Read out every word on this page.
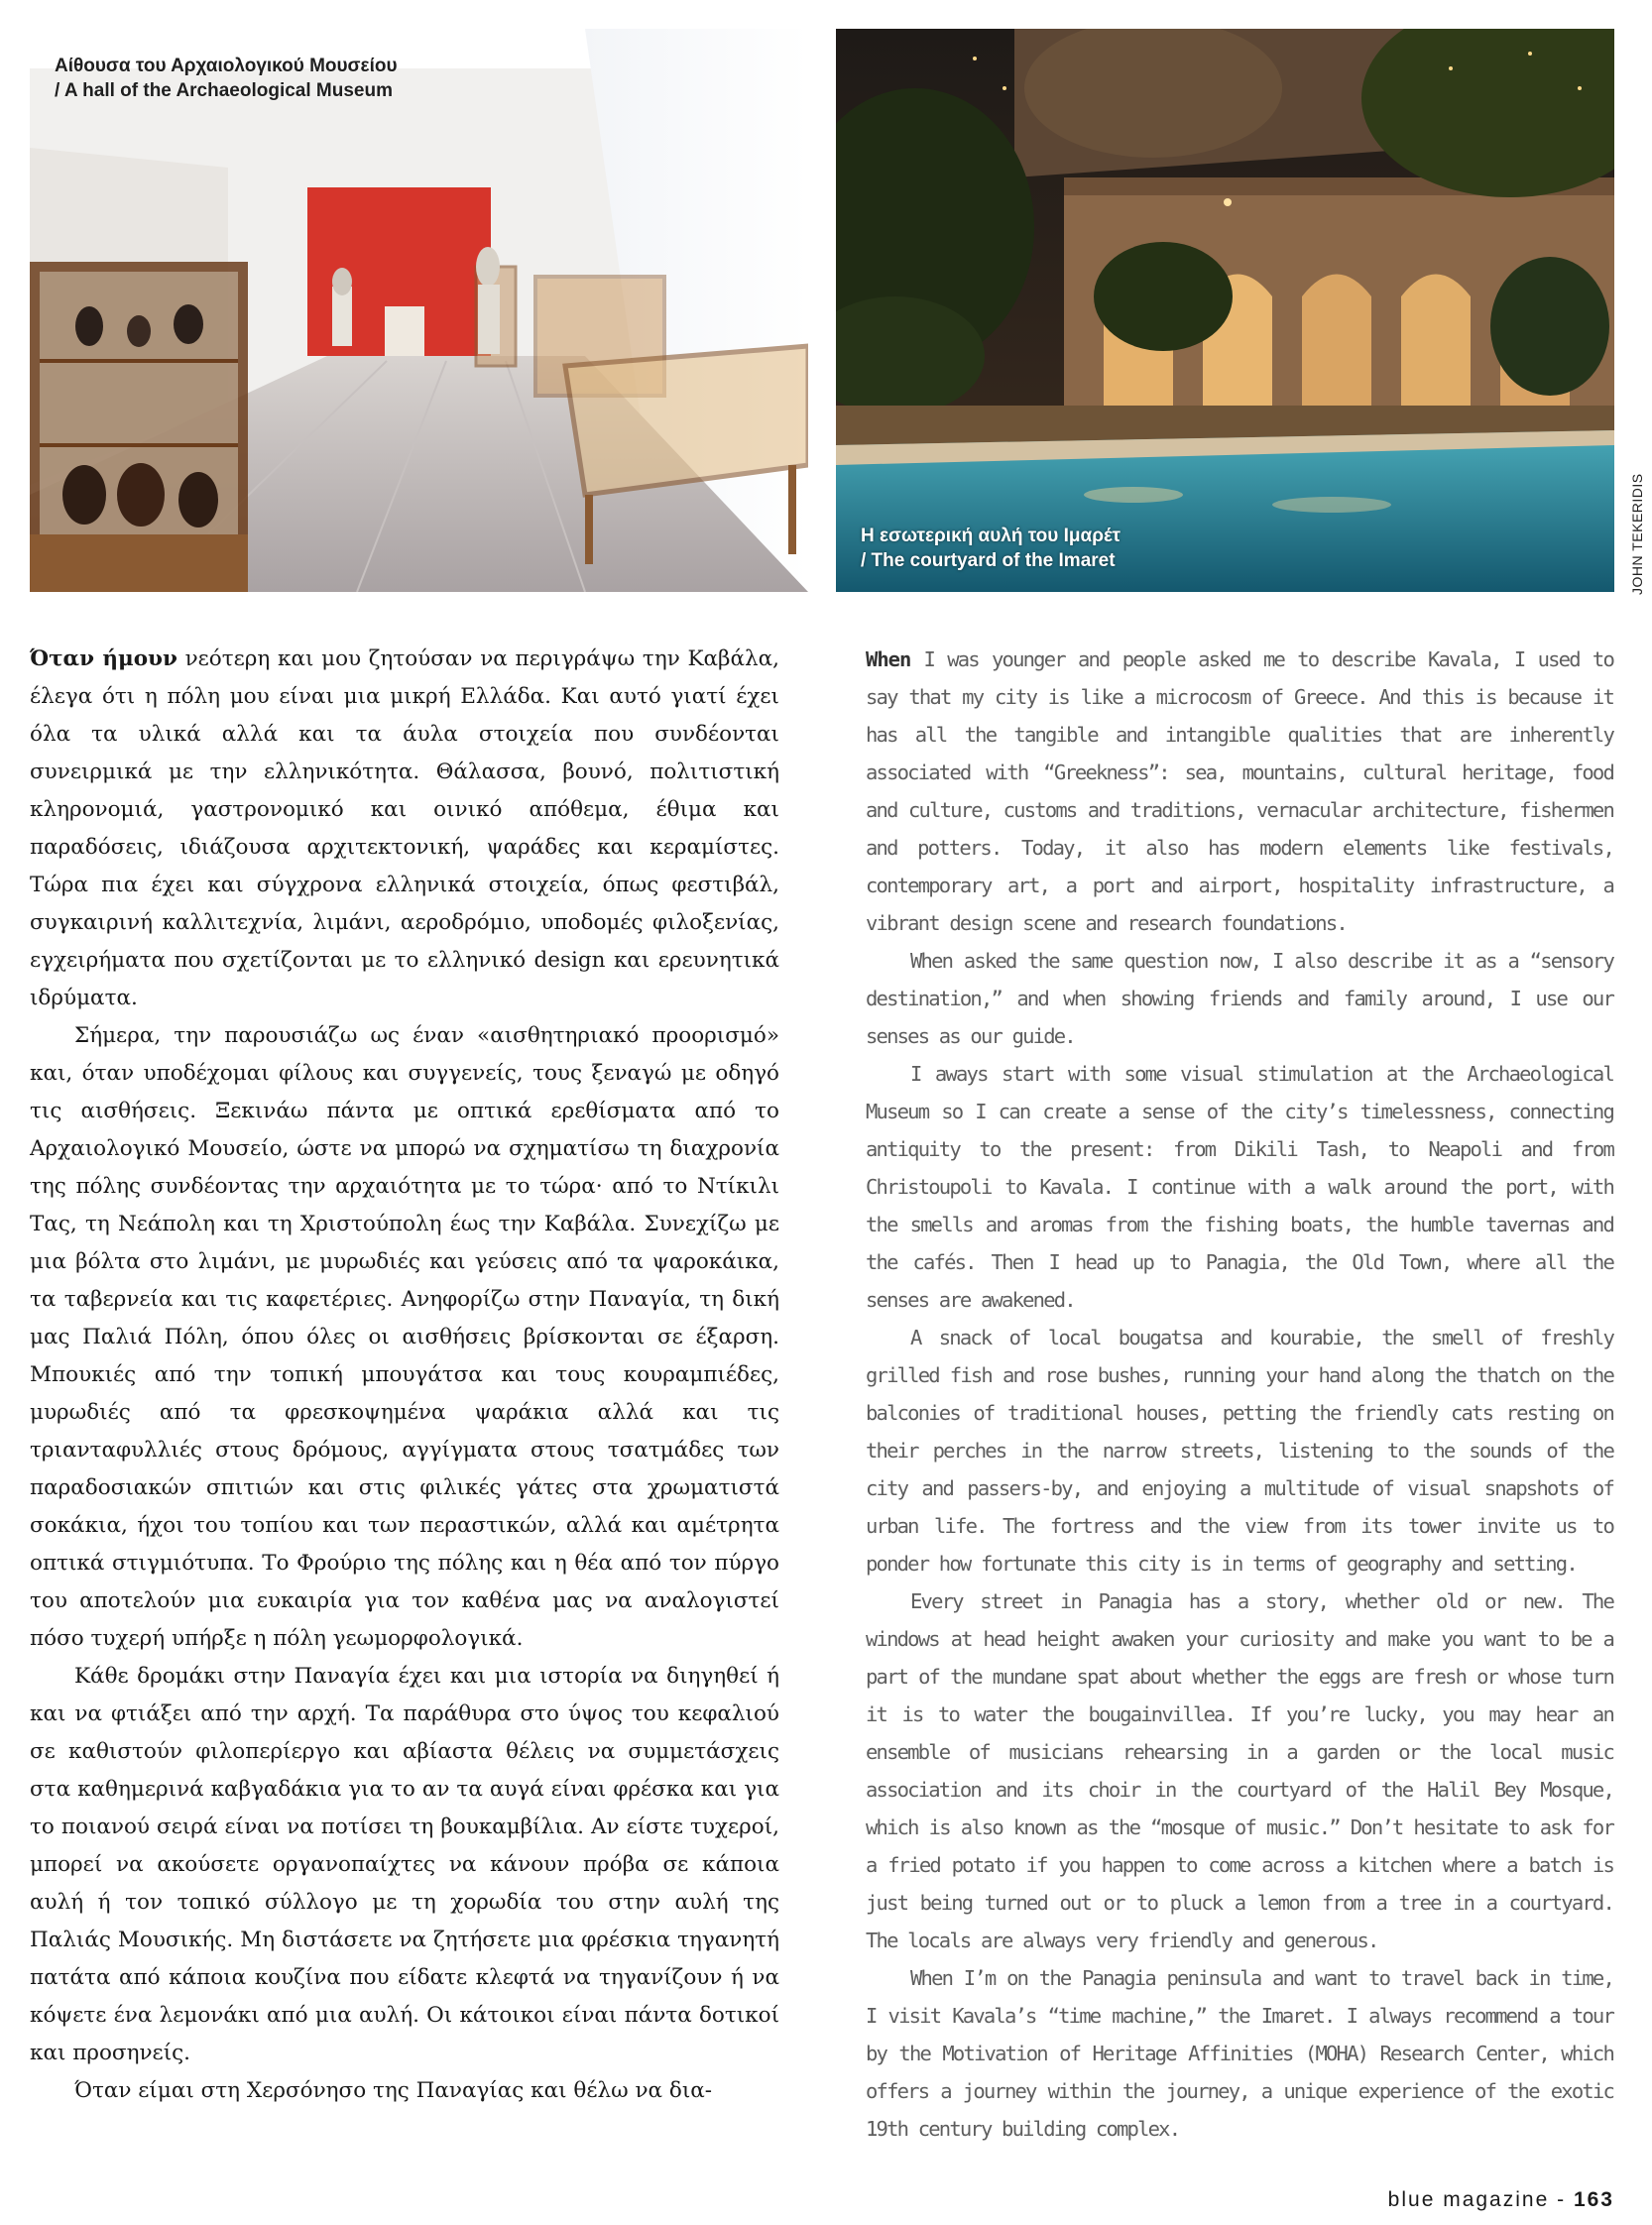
Αίθουσα του Αρχαιολογικού Μουσείου
/ A hall of the Archaeological Museum
Η εσωτερική αυλή του Ιμαρέτ
/ The courtyard of the Imaret	JOHN TEKERIDIS

Όταν ήμουν νεότερη και μου ζητούσαν να περιγράψω την Καβάλα, έλεγα ότι η πόλη μου είναι μια μικρή Ελλάδα. Και αυτό γιατί έχει όλα τα υλικά αλλά και τα άυλα στοιχεία που συνδέονται συνειρμικά με την ελληνικότητα. Θάλασσα, βουνό, πολιτιστική κληρονομιά, γαστρονομικό και οινικό απόθεμα, έθιμα και παραδόσεις, ιδιάζουσα αρχιτεκτονική, ψαράδες και κεραμίστες. Τώρα πια έχει και σύγχρονα ελληνικά στοιχεία, όπως φεστιβάλ, συγκαιρινή καλλιτεχνία, λιμάνι, αεροδρόμιο, υποδομές φιλοξενίας, εγχειρήματα που σχετίζονται με το ελληνικό design και ερευνητικά ιδρύματα.

Σήμερα, την παρουσιάζω ως έναν «αισθητηριακό προορισμό» και, όταν υποδέχομαι φίλους και συγγενείς, τους ξεναγώ με οδηγό τις αισθήσεις. Ξεκινάω πάντα με οπτικά ερεθίσματα από το Αρχαιολογικό Μουσείο, ώστε να μπορώ να σχηματίσω τη διαχρονία της πόλης συνδέοντας την αρχαιότητα με το τώρα· από το Ντίκιλι Τας, τη Νεάπολη και τη Χριστούπολη έως την Καβάλα. Συνεχίζω με μια βόλτα στο λιμάνι, με μυρωδιές και γεύσεις από τα ψαροκάικα, τα ταβερνεία και τις καφετέριες. Ανηφορίζω στην Παναγία, τη δική μας Παλιά Πόλη, όπου όλες οι αισθήσεις βρίσκονται σε έξαρση. Μπουκιές από την τοπική μπουγάτσα και τους κουραμπιέδες, μυρωδιές από τα φρεσκοψημένα ψαράκια αλλά και τις τριανταφυλλιές στους δρόμους, αγγίγματα στους τσατμάδες των παραδοσιακών σπιτιών και στις φιλικές γάτες στα χρωματιστά σοκάκια, ήχοι του τοπίου και των περαστικών, αλλά και αμέτρητα οπτικά στιγμιότυπα. Το Φρούριο της πόλης και η θέα από τον πύργο του αποτελούν μια ευκαιρία για τον καθένα μας να αναλογιστεί πόσο τυχερή υπήρξε η πόλη γεωμορφολογικά.

Κάθε δρομάκι στην Παναγία έχει και μια ιστορία να διηγηθεί ή και να φτιάξει από την αρχή. Τα παράθυρα στο ύψος του κεφαλιού σε καθιστούν φιλοπερίεργο και αβίαστα θέλεις να συμμετάσχεις στα καθημερινά καβγαδάκια για το αν τα αυγά είναι φρέσκα και για το ποιανού σειρά είναι να ποτίσει τη βουκαμβίλια. Αν είστε τυχεροί, μπορεί να ακούσετε οργανοπαίχτες να κάνουν πρόβα σε κάποια αυλή ή τον τοπικό σύλλογο με τη χορωδία του στην αυλή της Παλιάς Μουσικής. Μη διστάσετε να ζητήσετε μια φρέσκια τηγανητή πατάτα από κάποια κουζίνα που είδατε κλεφτά να τηγανίζουν ή να κόψετε ένα λεμονάκι από μια αυλή. Οι κάτοικοι είναι πάντα δοτικοί και προσηνείς.

Όταν είμαι στη Χερσόνησο της Παναγίας και θέλω να δια-

When I was younger and people asked me to describe Kavala, I used to say that my city is like a microcosm of Greece. And this is because it has all the tangible and intangible qualities that are inherently associated with “Greekness”: sea, mountains, cultural heritage, food and culture, customs and traditions, vernacular architecture, fishermen and potters. Today, it also has modern elements like festivals, contemporary art, a port and airport, hospitality infrastructure, a vibrant design scene and research foundations.

When asked the same question now, I also describe it as a “sensory destination,” and when showing friends and family around, I use our senses as our guide.

I aways start with some visual stimulation at the Archaeological Museum so I can create a sense of the city’s timelessness, connecting antiquity to the present: from Dikili Tash, to Neapoli and from Christoupoli to Kavala. I continue with a walk around the port, with the smells and aromas from the fishing boats, the humble tavernas and the cafés. Then I head up to Panagia, the Old Town, where all the senses are awakened.

A snack of local bougatsa and kourabie, the smell of freshly grilled fish and rose bushes, running your hand along the thatch on the balconies of traditional houses, petting the friendly cats resting on their perches in the narrow streets, listening to the sounds of the city and passers-by, and enjoying a multitude of visual snapshots of urban life. The fortress and the view from its tower invite us to ponder how fortunate this city is in terms of geography and setting.

Every street in Panagia has a story, whether old or new. The windows at head height awaken your curiosity and make you want to be a part of the mundane spat about whether the eggs are fresh or whose turn it is to water the bougainvillea. If you’re lucky, you may hear an ensemble of musicians rehearsing in a garden or the local music association and its choir in the courtyard of the Halil Bey Mosque, which is also known as the “mosque of music.” Don’t hesitate to ask for a fried potato if you happen to come across a kitchen where a batch is just being turned out or to pluck a lemon from a tree in a courtyard. The locals are always very friendly and generous.

When I’m on the Panagia peninsula and want to travel back in time, I visit Kavala’s “time machine,” the Imaret. I always recommend a tour by the Motivation of Heritage Affinities (MOHA) Research Center, which offers a journey within the journey, a unique experience of the exotic 19th century building complex.

blue magazine - 163
